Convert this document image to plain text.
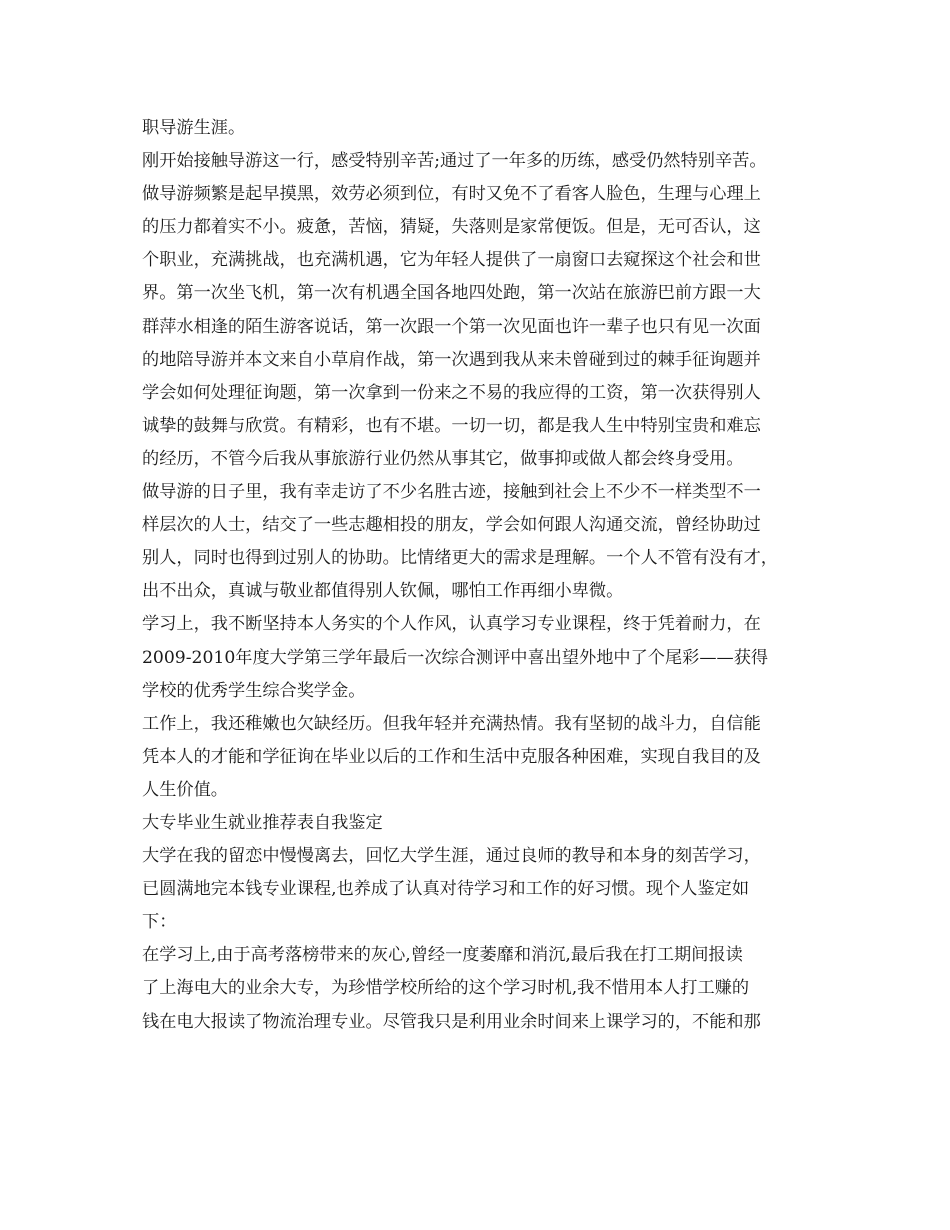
职导游生涯。
刚开始接触导游这一行，感受特别辛苦;通过了一年多的历练，感受仍然特别辛苦。
做导游频繁是起早摸黑，效劳必须到位，有时又免不了看客人脸色，生理与心理上
的压力都着实不小。疲惫，苦恼，猜疑，失落则是家常便饭。但是，无可否认，这
个职业，充满挑战，也充满机遇，它为年轻人提供了一扇窗口去窥探这个社会和世
界。第一次坐飞机，第一次有机遇全国各地四处跑，第一次站在旅游巴前方跟一大
群萍水相逢的陌生游客说话，第一次跟一个第一次见面也许一辈子也只有见一次面
的地陪导游并本文来自小草肩作战，第一次遇到我从来未曾碰到过的棘手征询题并
学会如何处理征询题，第一次拿到一份来之不易的我应得的工资，第一次获得别人
诚挚的鼓舞与欣赏。有精彩，也有不堪。一切一切，都是我人生中特别宝贵和难忘
的经历，不管今后我从事旅游行业仍然从事其它，做事抑或做人都会终身受用。
做导游的日子里，我有幸走访了不少名胜古迹，接触到社会上不少不一样类型不一
样层次的人士，结交了一些志趣相投的朋友，学会如何跟人沟通交流，曾经协助过
别人，同时也得到过别人的协助。比情绪更大的需求是理解。一个人不管有没有才，
出不出众，真诚与敬业都值得别人钦佩，哪怕工作再细小卑微。
学习上，我不断坚持本人务实的个人作风，认真学习专业课程，终于凭着耐力，在
2009-2010年度大学第三学年最后一次综合测评中喜出望外地中了个尾彩——获得
学校的优秀学生综合奖学金。
工作上，我还稚嫩也欠缺经历。但我年轻并充满热情。我有坚韧的战斗力，自信能
凭本人的才能和学征询在毕业以后的工作和生活中克服各种困难，实现自我目的及
人生价值。
大专毕业生就业推荐表自我鉴定
大学在我的留恋中慢慢离去，回忆大学生涯，通过良师的教导和本身的刻苦学习，
已圆满地完本钱专业课程,也养成了认真对待学习和工作的好习惯。现个人鉴定如
下：
在学习上,由于高考落榜带来的灰心,曾经一度萎靡和消沉,最后我在打工期间报读
了上海电大的业余大专，为珍惜学校所给的这个学习时机,我不惜用本人打工赚的
钱在电大报读了物流治理专业。尽管我只是利用业余时间来上课学习的，不能和那
